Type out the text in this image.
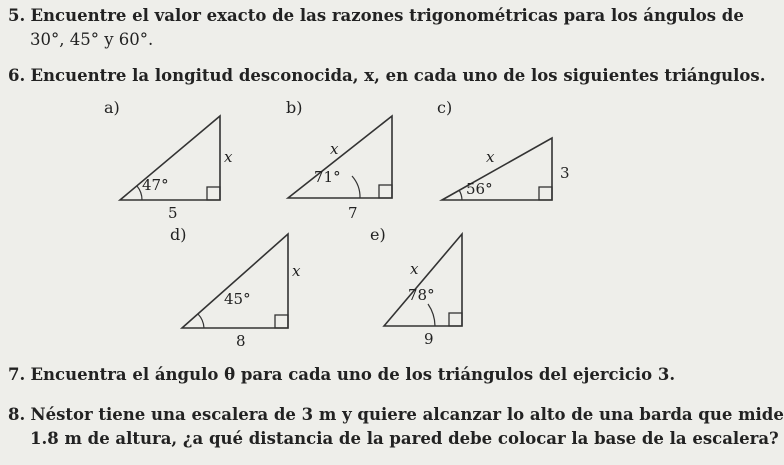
5. Encuentre el valor exacto de las razones trigonométricas para los ángulos de
30°, 45° y 60°.
6. Encuentre la longitud desconocida, x, en cada uno de los siguientes triángulos.
a)	b)	c)
d)	e)
47°
x
5
71°
x
7
56°
x
3
45°
x
8
78°
x
9
7. Encuentra el ángulo θ para cada uno de los triángulos del ejercicio 3.
8. Néstor tiene una escalera de 3 m y quiere alcanzar lo alto de una barda que mide
1.8 m de altura, ¿a qué distancia de la pared debe colocar la base de la escalera?
